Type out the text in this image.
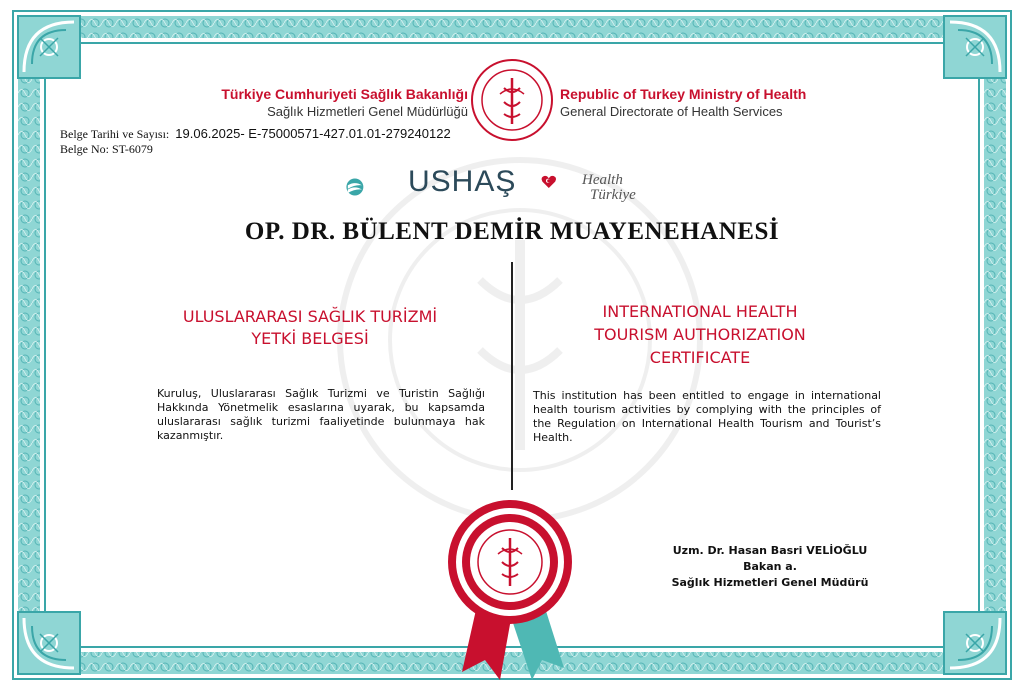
Türkiye Cumhuriyeti Sağlık Bakanlığı
Sağlık Hizmetleri Genel Müdürlüğü
Republic of Turkey Ministry of Health
General Directorate of Health Services
Belge Tarihi ve Sayısı: 19.06.2025- E-75000571-427.01.01-279240122
Belge No: ST-6079
USHAŞ	Health
Türkiye
OP. DR. BÜLENT DEMİR MUAYENEHANESİ
ULUSLARARASI SAĞLIK TURİZMİ
YETKİ BELGESİ
INTERNATIONAL HEALTH
TOURISM AUTHORIZATION
CERTIFICATE
Kuruluş, Uluslararası Sağlık Turizmi ve Turistin Sağlığı Hakkında Yönetmelik esaslarına uyarak, bu kapsamda uluslararası sağlık turizmi faaliyetinde bulunmaya hak kazanmıştır.
This institution has been entitled to engage in international health tourism activities by complying with the principles of the Regulation on International Health Tourism and Tourist’s Health.
Uzm. Dr. Hasan Basri VELİOĞLU
Bakan a.
Sağlık Hizmetleri Genel Müdürü
